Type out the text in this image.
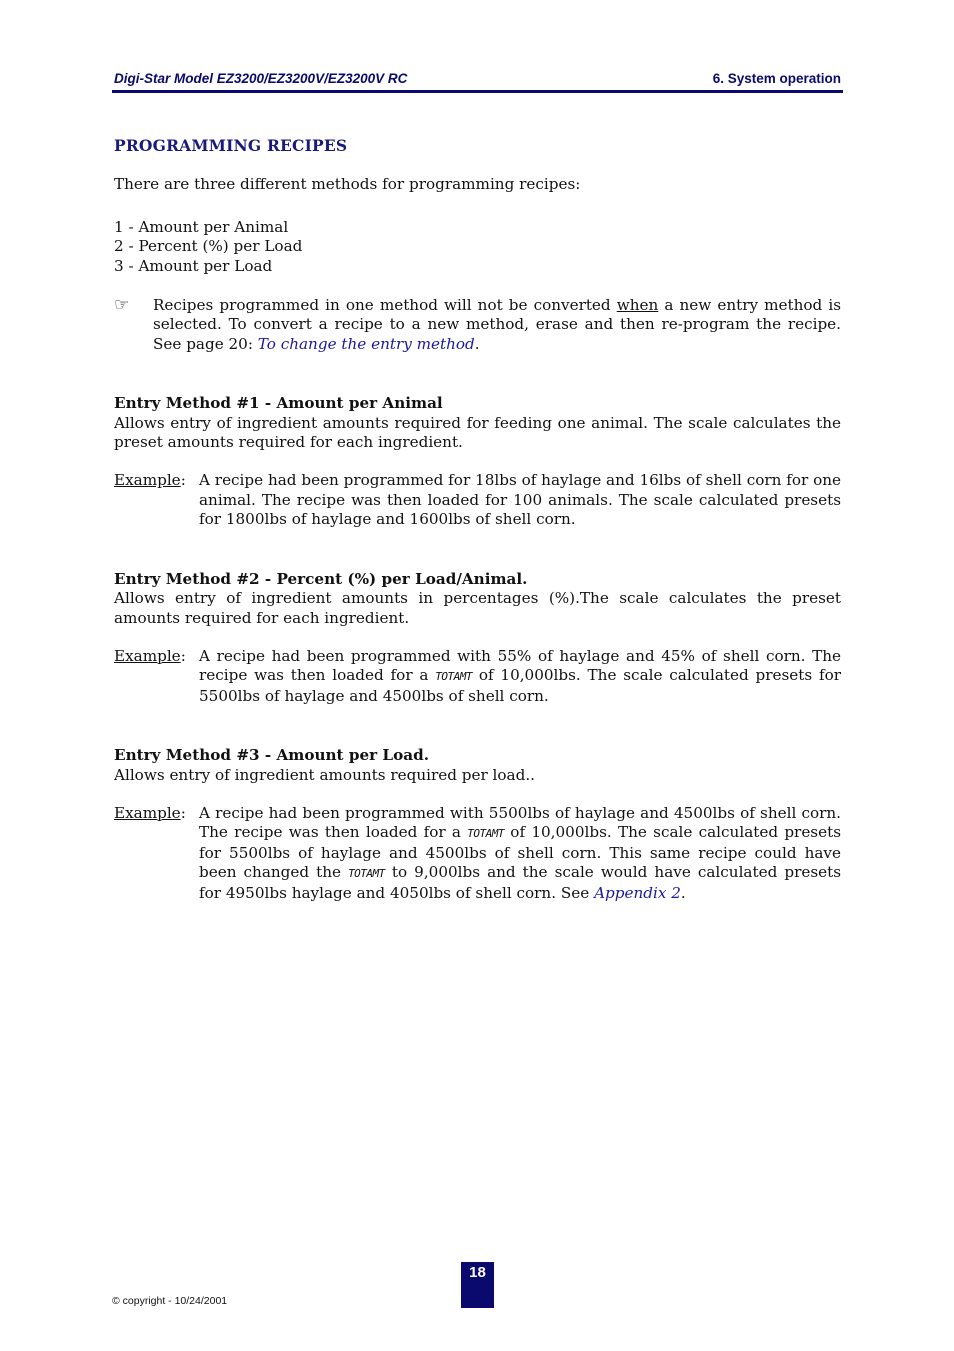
Digi-Star Model EZ3200/EZ3200V/EZ3200V RC	6. System operation

PROGRAMMING RECIPES

There are three different methods for programming recipes:

1 - Amount per Animal

2 - Percent (%) per Load

3 - Amount per Load

☞	Recipes programmed in one method will not be converted when a new entry method is selected. To convert a recipe to a new method, erase and then re-program the recipe. See page 20: To change the entry method.

Entry Method #1 - Amount per Animal

Allows entry of ingredient amounts required for feeding one animal. The scale calculates the preset amounts required for each ingredient.

Example: A recipe had been programmed for 18lbs of haylage and 16lbs of shell corn for one animal. The recipe was then loaded for 100 animals. The scale calculated presets for 1800lbs of haylage and 1600lbs of shell corn.

Entry Method #2 - Percent (%) per Load/Animal.

Allows entry of ingredient amounts in percentages (%).The scale calculates the preset amounts required for each ingredient.

Example: A recipe had been programmed with 55% of haylage and 45% of shell corn. The recipe was then loaded for a TOTAMT of 10,000lbs. The scale calculated presets for 5500lbs of haylage and 4500lbs of shell corn.

Entry Method #3 - Amount per Load.

Allows entry of ingredient amounts required per load..

Example: A recipe had been programmed with 5500lbs of haylage and 4500lbs of shell corn. The recipe was then loaded for a TOTAMT of 10,000lbs. The scale calculated presets for 5500lbs of haylage and 4500lbs of shell corn. This same recipe could have been changed the TOTAMT to 9,000lbs and the scale would have calculated presets for 4950lbs haylage and 4050lbs of shell corn. See Appendix 2.
18
© copyright - 10/24/2001
